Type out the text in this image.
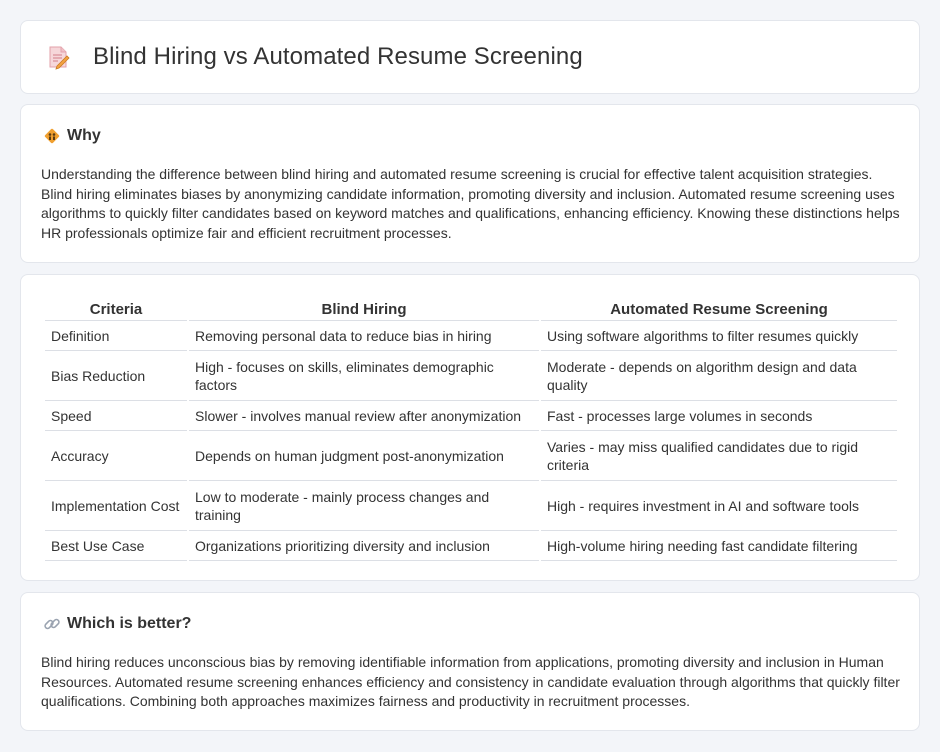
Blind Hiring vs Automated Resume Screening
Why

Understanding the difference between blind hiring and automated resume screening is crucial for effective talent acquisition strategies. Blind hiring eliminates biases by anonymizing candidate information, promoting diversity and inclusion. Automated resume screening uses algorithms to quickly filter candidates based on keyword matches and qualifications, enhancing efficiency. Knowing these distinctions helps HR professionals optimize fair and efficient recruitment processes.

Criteria	Blind Hiring	Automated Resume Screening
Definition	Removing personal data to reduce bias in hiring	Using software algorithms to filter resumes quickly
Bias Reduction	High - focuses on skills, eliminates demographic factors	Moderate - depends on algorithm design and data quality
Speed	Slower - involves manual review after anonymization	Fast - processes large volumes in seconds
Accuracy	Depends on human judgment post-anonymization	Varies - may miss qualified candidates due to rigid criteria
Implementation Cost	Low to moderate - mainly process changes and training	High - requires investment in AI and software tools
Best Use Case	Organizations prioritizing diversity and inclusion	High-volume hiring needing fast candidate filtering
Which is better?

Blind hiring reduces unconscious bias by removing identifiable information from applications, promoting diversity and inclusion in Human Resources. Automated resume screening enhances efficiency and consistency in candidate evaluation through algorithms that quickly filter qualifications. Combining both approaches maximizes fairness and productivity in recruitment processes.
